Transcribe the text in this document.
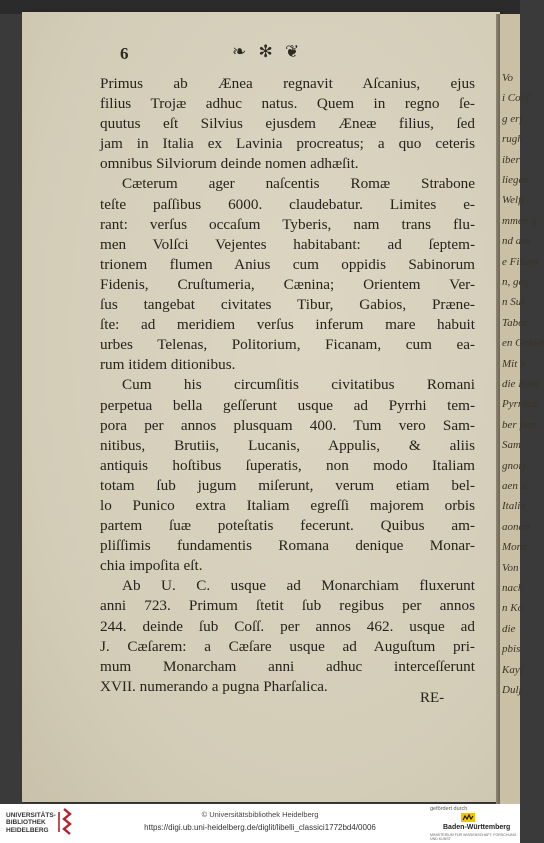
Vo
i Cobf
g erf
rugh
iber
liegen
Welfi
mmen g
nd aus
e Fibeni
n, geg
n Sul
Tabor
en Gebiet
Mit b
die Röm
Pyrrhus
ber fam
Sam
gnorj
aen u
Italie
aonan
Mona
Von
nach
n Ko
die
pbis
Kayf
Dulj
6	❧ ✻ ❦
Primus ab Æneа regnavit Aſcanius, ejus
filius Trojæ adhuc natus. Quem in regno ſe-
quutus eſt Silvius ejusdem Æneæ filius, ſed
jam in Italia ex Lavinia procreatus; a quo ceteris
omnibus Silviorum deinde nomen adhæſit.
Cæterum ager naſcentis Romæ Strabone
teſte paſſibus 6000. claudebatur. Limites e-
rant: verſus occaſum Tyberis, nam trans flu-
men Volſci Vejentes habitabant: ad ſeptem-
trionem flumen Anius cum oppidis Sabinorum
Fidenis, Cruſtumeria, Cænina; Orientem Ver-
ſus tangebat civitates Tibur, Gabios, Præne-
ſte: ad meridiem verſus inferum mare habuit
urbes Telenas, Politorium, Ficanam, cum ea-
rum itidem ditionibus.
Cum his circumſitis civitatibus Romani
perpetua bella geſſerunt usque ad Pyrrhi tem-
pora per annos plusquam 400. Tum vero Sam-
nitibus, Brutiis, Lucanis, Appulis, & aliis
antiquis hoſtibus ſuperatis, non modo Italiam
totam ſub jugum miſerunt, verum etiam bel-
lo Punico extra Italiam egreſſi majorem orbis
partem ſuæ poteſtatis fecerunt. Quibus am-
pliſſimis fundamentis Romana denique Monar-
chia impoſita eſt.
Ab U. C. usque ad Monarchiam fluxerunt
anni 723. Primum ſtetit ſub regibus per annos
244. deinde ſub Coſſ. per annos 462. usque ad
J. Cæſarem: a Cæſare usque ad Auguſtum pri-
mum Monarcham anni adhuc interceſſerunt
XVII. numerando a pugna Pharſalica.
RE-
UNIVERSITÄTS-
BIBLIOTHEK
HEIDELBERG
© Universitätsbibliothek Heidelberg
https://digi.ub.uni-heidelberg.de/diglit/libelli_classici1772bd4/0006
gefördert durch
Baden-Württemberg
MINISTERIUM FÜR WISSENSCHAFT, FORSCHUNG UND KUNST
